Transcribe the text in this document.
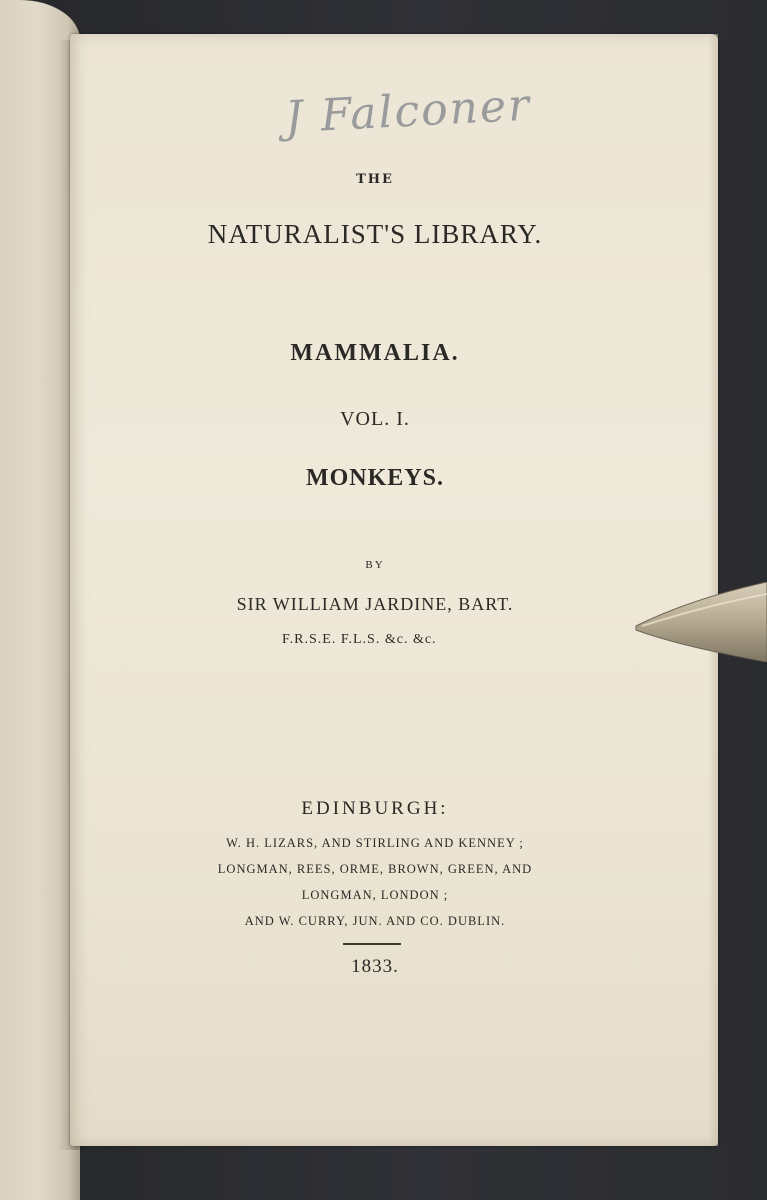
J Falconer
THE
NATURALIST'S LIBRARY.
MAMMALIA.
VOL. I.
MONKEYS.
BY
SIR WILLIAM JARDINE, BART.
F.R.S.E. F.L.S. &c. &c.
EDINBURGH:
W. H. LIZARS, AND STIRLING AND KENNEY ;
LONGMAN, REES, ORME, BROWN, GREEN, AND
LONGMAN, LONDON ;
AND W. CURRY, JUN. AND CO. DUBLIN.
1833.
